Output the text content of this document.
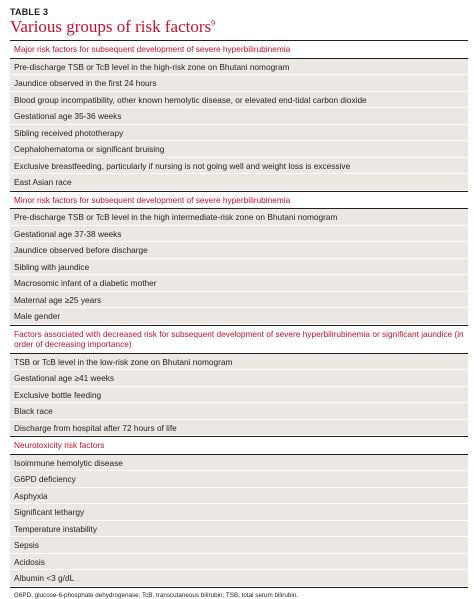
TABLE 3
Various groups of risk factors$^9$
Major risk factors for subsequent development of severe hyperbilirubinemia
Pre-discharge TSB or TcB level in the high-risk zone on Bhutani nomogram
Jaundice observed in the first 24 hours
Blood group incompatibility, other known hemolytic disease, or elevated end-tidal carbon dioxide
Gestational age 35-36 weeks
Sibling received phototherapy
Cephalohematoma or significant bruising
Exclusive breastfeeding, particularly if nursing is not going well and weight loss is excessive
East Asian race
Minor risk factors for subsequent development of severe hyperbilirubinemia
Pre-discharge TSB or TcB level in the high intermediate-risk zone on Bhutani nomogram
Gestational age 37-38 weeks
Jaundice observed before discharge
Sibling with jaundice
Macrosomic infant of a diabetic mother
Maternal age ≥25 years
Male gender
Factors associated with decreased risk for subsequent development of severe hyperbilirubinemia or significant jaundice (in order of decreasing importance)
TSB or TcB level in the low-risk zone on Bhutani nomogram
Gestational age ≥41 weeks
Exclusive bottle feeding
Black race
Discharge from hospital after 72 hours of life
Neurotoxicity risk factors
Isoimmune hemolytic disease
G6PD deficiency
Asphyxia
Significant lethargy
Temperature instability
Sepsis
Acidosis
Albumin <3 g/dL
G6PD, glucose-6-phosphate dehydrogenase; TcB, transcutaneous bilirubin; TSB, total serum bilirubin.
